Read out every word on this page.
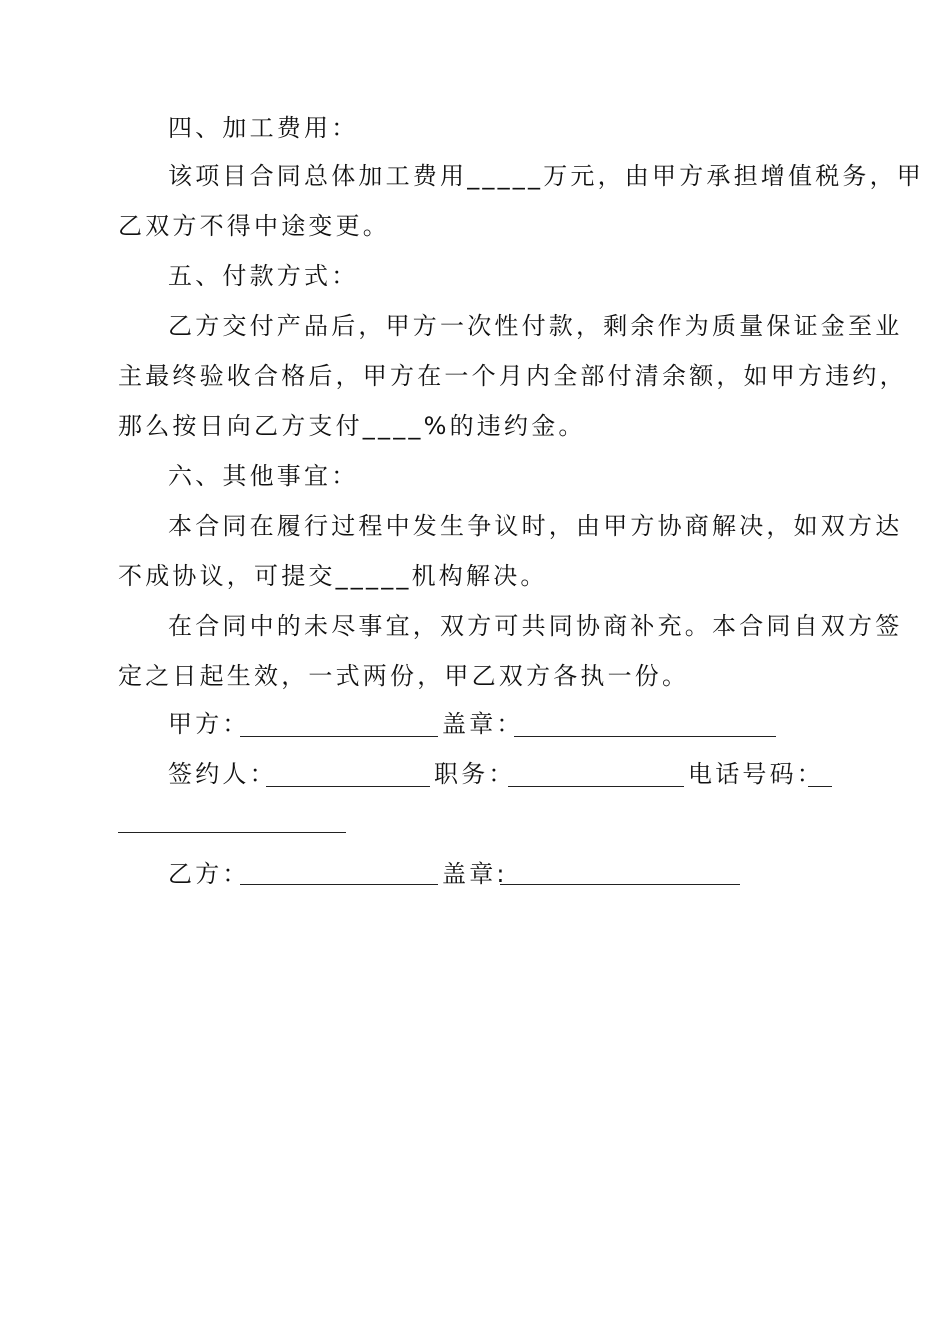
四、加工费用：
该项目合同总体加工费用_____万元，由甲方承担增值税务，甲
乙双方不得中途变更。
五、付款方式：
乙方交付产品后，甲方一次性付款，剩余作为质量保证金至业
主最终验收合格后，甲方在一个月内全部付清余额，如甲方违约，
那么按日向乙方支付____%的违约金。
六、其他事宜：
本合同在履行过程中发生争议时，由甲方协商解决，如双方达
不成协议，可提交_____机构解决。
在合同中的未尽事宜，双方可共同协商补充。本合同自双方签
定之日起生效，一式两份，甲乙双方各执一份。
甲方：	盖章：
签约人：	职务：	电话号码：
乙方：	盖章:
